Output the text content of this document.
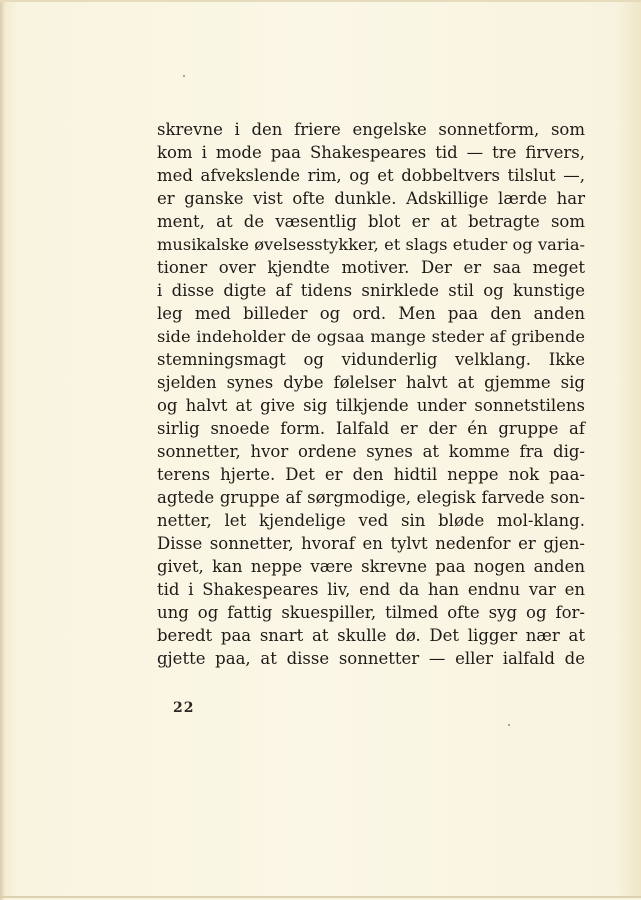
skrevne i den friere engelske sonnetform, som
kom i mode paa Shakespeares tid — tre firvers,
med afvekslende rim, og et dobbeltvers tilslut —,
er ganske vist ofte dunkle. Adskillige lærde har
ment, at de væsentlig blot er at betragte som
musikalske øvelsesstykker, et slags etuder og varia-
tioner over kjendte motiver. Der er saa meget
i disse digte af tidens snirklede stil og kunstige
leg med billeder og ord. Men paa den anden
side indeholder de ogsaa mange steder af gribende
stemningsmagt og vidunderlig velklang. Ikke
sjelden synes dybe følelser halvt at gjemme sig
og halvt at give sig tilkjende under sonnetstilens
sirlig snoede form. Ialfald er der én gruppe af
sonnetter, hvor ordene synes at komme fra dig-
terens hjerte. Det er den hidtil neppe nok paa-
agtede gruppe af sørgmodige, elegisk farvede son-
netter, let kjendelige ved sin bløde mol-klang.
Disse sonnetter, hvoraf en tylvt nedenfor er gjen-
givet, kan neppe være skrevne paa nogen anden
tid i Shakespeares liv, end da han endnu var en
ung og fattig skuespiller, tilmed ofte syg og for-
beredt paa snart at skulle dø. Det ligger nær at
gjette paa, at disse sonnetter — eller ialfald de
22
